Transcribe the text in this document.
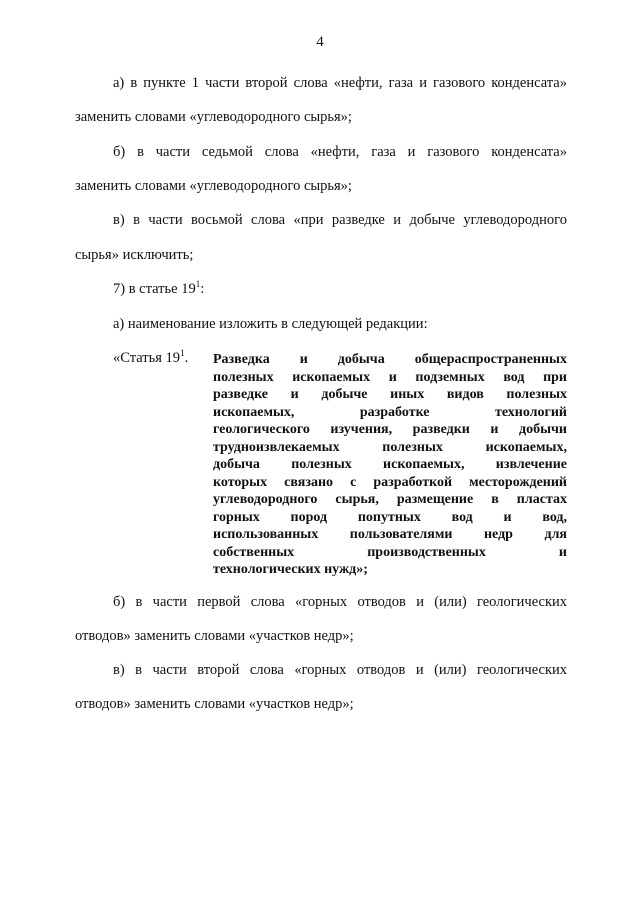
4
а) в пункте 1 части второй слова «нефти, газа и газового конденсата»
заменить словами «углеводородного сырья»;
б) в части седьмой слова «нефти, газа и газового конденсата»
заменить словами «углеводородного сырья»;
в) в части восьмой слова «при разведке и добыче углеводородного
сырья» исключить;
7) в статье $19^1$:
а) наименование изложить в следующей редакции:
«Статья $19^1$. Разведка и добыча общераспространенных
полезных ископаемых и подземных вод при
разведке и добыче иных видов полезных
ископаемых, разработке технологий
геологического изучения, разведки и добычи
трудноизвлекаемых полезных ископаемых,
добыча полезных ископаемых, извлечение
которых связано с разработкой месторождений
углеводородного сырья, размещение в пластах
горных пород попутных вод и вод,
использованных пользователями недр для
собственных производственных и
технологических нужд»;
б) в части первой слова «горных отводов и (или) геологических
отводов» заменить словами «участков недр»;
в) в части второй слова «горных отводов и (или) геологических
отводов» заменить словами «участков недр»;
